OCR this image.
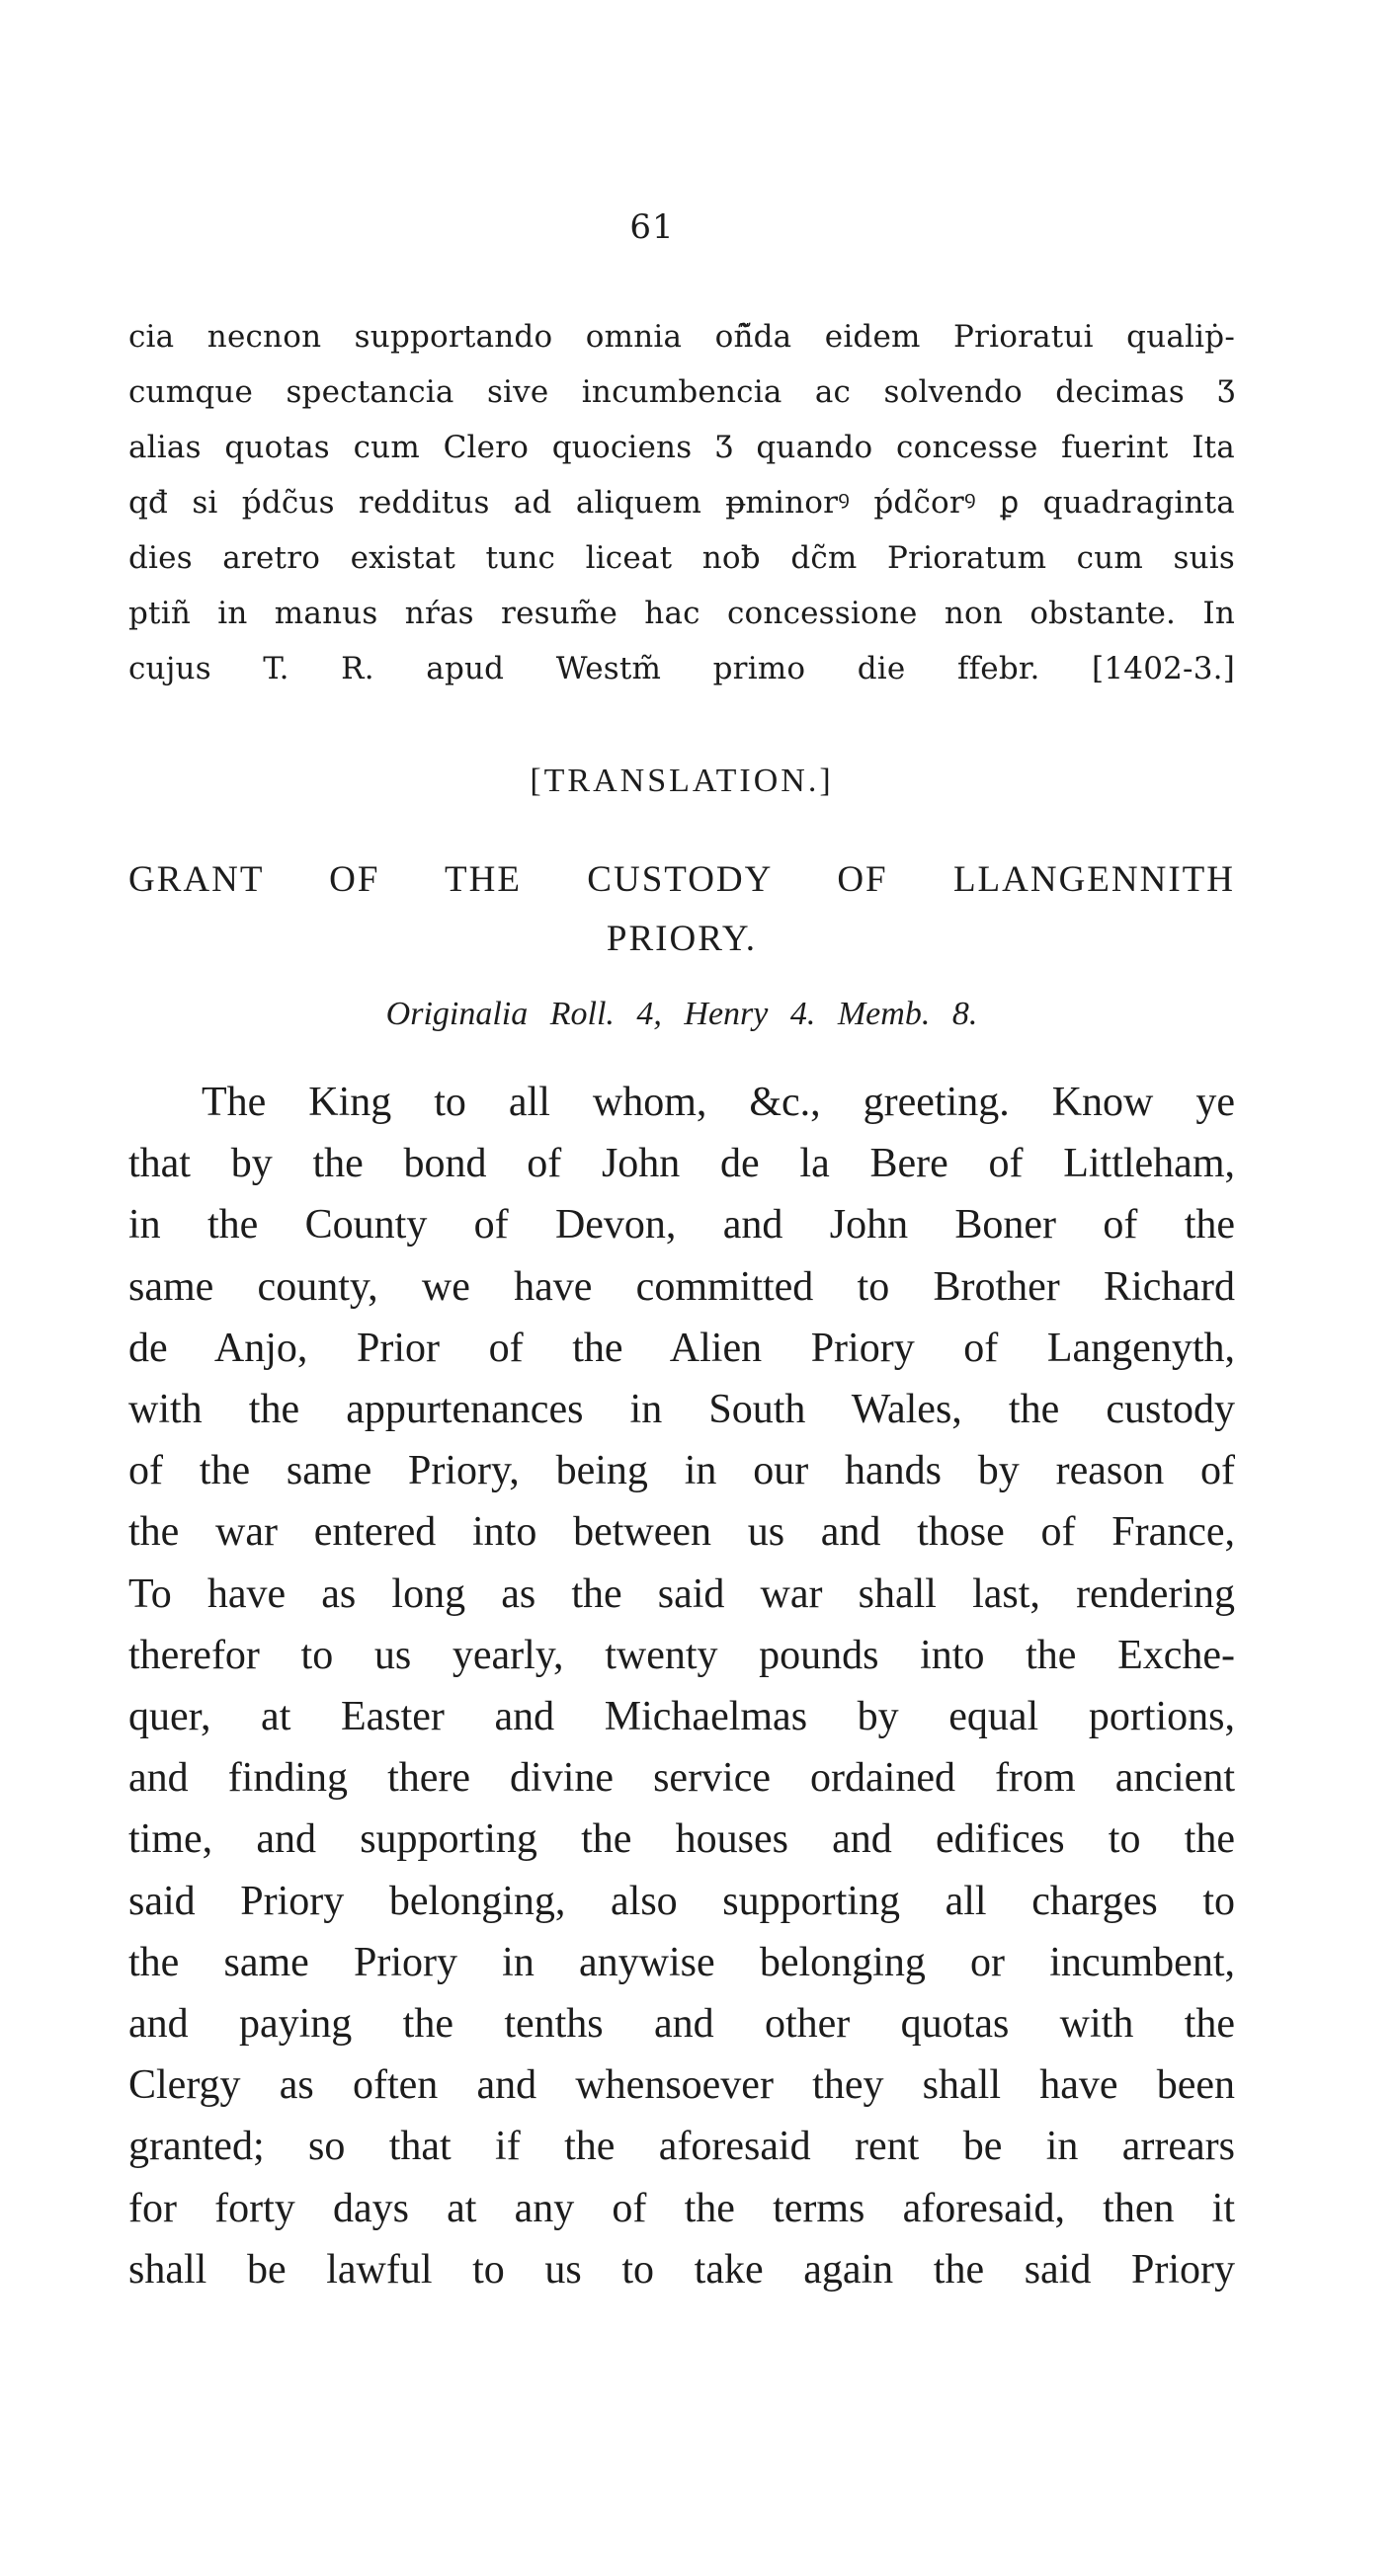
61
cia necnon supportando omnia oñ̃da eidem Prioratui qualiṗ-
cumque spectancia sive incumbencia ac solvendo decimas Ʒ
alias quotas cum Clero quociens Ʒ quando concesse fuerint Ita
qđ si ṕdc̃us redditus ad aliquem ᵽminorꝰ ṕdc̃orꝰ ꝑ quadraginta
dies aretro existat tunc liceat noƀ dc̃m Prioratum cum suis
ptiñ in manus nŕas resum̃e hac concessione non obstante. In
cujus T. R. apud Westm̃ primo die ffebr. [1402-3.]
[TRANSLATION.]
GRANT OF THE CUSTODY OF LLANGENNITH
PRIORY.
Originalia Roll. 4, Henry 4. Memb. 8.
The King to all whom, &c., greeting. Know ye
that by the bond of John de la Bere of Littleham,
in the County of Devon, and John Boner of the
same county, we have committed to Brother Richard
de Anjo, Prior of the Alien Priory of Langenyth,
with the appurtenances in South Wales, the custody
of the same Priory, being in our hands by reason of
the war entered into between us and those of France,
To have as long as the said war shall last, rendering
therefor to us yearly, twenty pounds into the Exche-
quer, at Easter and Michaelmas by equal portions,
and finding there divine service ordained from ancient
time, and supporting the houses and edifices to the
said Priory belonging, also supporting all charges to
the same Priory in anywise belonging or incumbent,
and paying the tenths and other quotas with the
Clergy as often and whensoever they shall have been
granted; so that if the aforesaid rent be in arrears
for forty days at any of the terms aforesaid, then it
shall be lawful to us to take again the said Priory
